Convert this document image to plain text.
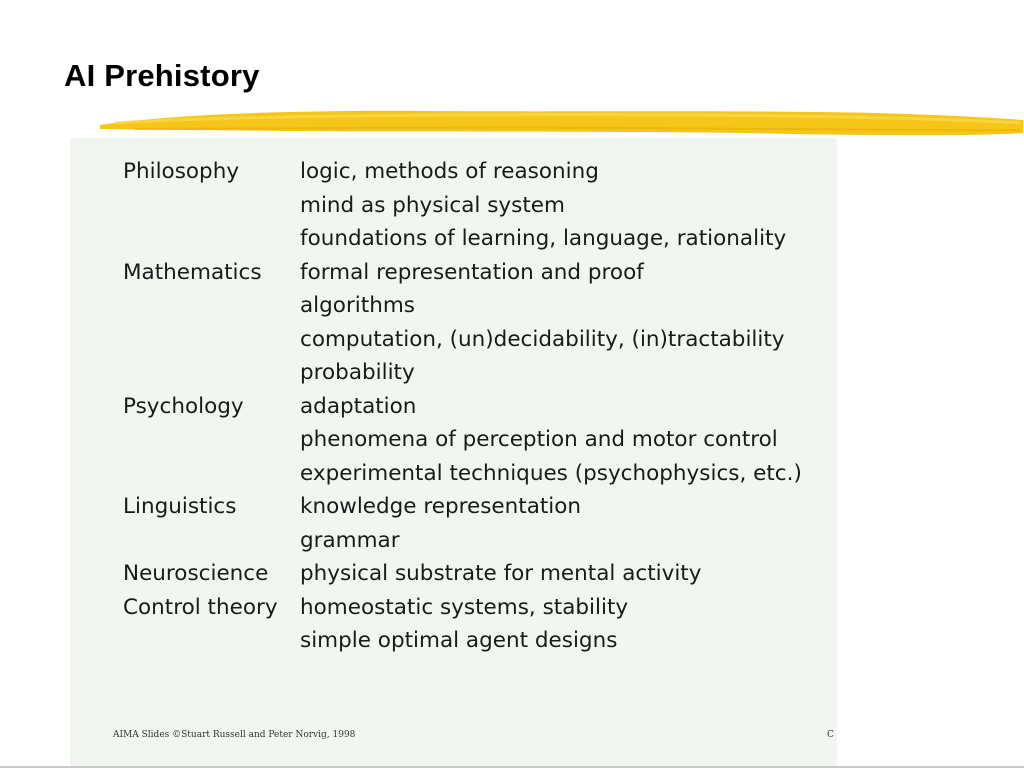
AI Prehistory
Philosophy	logic, methods of reasoning
mind as physical system
foundations of learning, language, rationality
Mathematics	formal representation and proof
algorithms
computation, (un)decidability, (in)tractability
probability
Psychology	adaptation
phenomena of perception and motor control
experimental techniques (psychophysics, etc.)
Linguistics	knowledge representation
grammar
Neuroscience	physical substrate for mental activity
Control theory	homeostatic systems, stability
simple optimal agent designs
AIMA Slides ©Stuart Russell and Peter Norvig, 1998	C
